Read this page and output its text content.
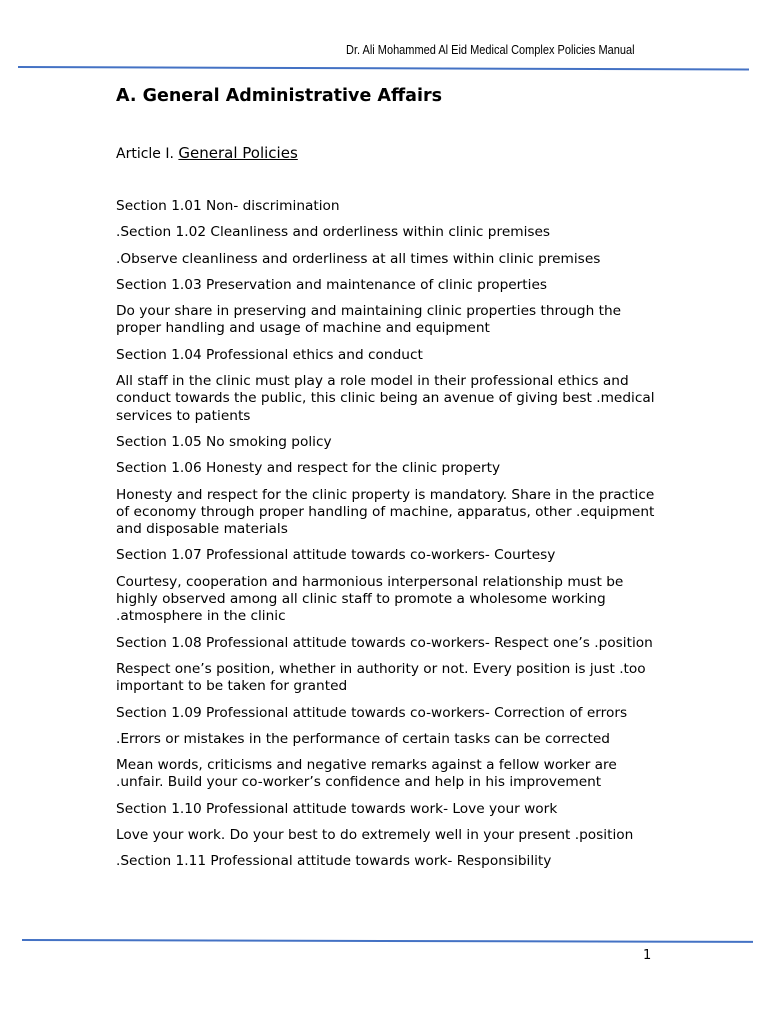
Dr. Ali Mohammed Al Eid Medical Complex Policies Manual
A. General Administrative Affairs
Article I. General Policies

Section 1.01 Non- discrimination

.Section 1.02 Cleanliness and orderliness within clinic premises

.Observe cleanliness and orderliness at all times within clinic premises

Section 1.03 Preservation and maintenance of clinic properties

Do your share in preserving and maintaining clinic properties through the proper handling and usage of machine and equipment

Section 1.04 Professional ethics and conduct

All staff in the clinic must play a role model in their professional ethics and conduct towards the public, this clinic being an avenue of giving best .medical services to patients

Section 1.05 No smoking policy

Section 1.06 Honesty and respect for the clinic property

Honesty and respect for the clinic property is mandatory. Share in the practice of economy through proper handling of machine, apparatus, other .equipment and disposable materials

Section 1.07 Professional attitude towards co-workers- Courtesy

Courtesy, cooperation and harmonious interpersonal relationship must be highly observed among all clinic staff to promote a wholesome working .atmosphere in the clinic

Section 1.08 Professional attitude towards co-workers- Respect one’s .position

Respect one’s position, whether in authority or not. Every position is just .too important to be taken for granted

Section 1.09 Professional attitude towards co-workers- Correction of errors

.Errors or mistakes in the performance of certain tasks can be corrected

Mean words, criticisms and negative remarks against a fellow worker are .unfair. Build your co-worker’s confidence and help in his improvement

Section 1.10 Professional attitude towards work- Love your work

Love your work. Do your best to do extremely well in your present .position

.Section 1.11 Professional attitude towards work- Responsibility

1
